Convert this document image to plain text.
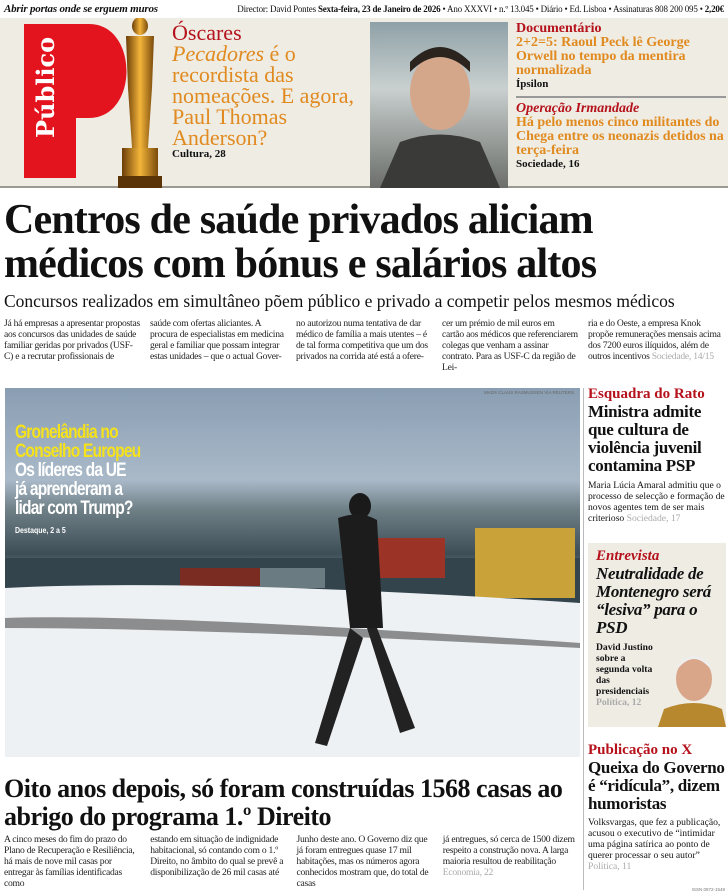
Abrir portas onde se erguem muros	Director: David Pontes Sexta-feira, 23 de Janeiro de 2026 • Ano XXXVI • n.º 13.045 • Diário • Ed. Lisboa • Assinaturas 808 200 095 • 2,20€
Público
Óscares
Pecadores é o recordista das nomeações. E agora, Paul Thomas Anderson?
Cultura, 28
Documentário
2+2=5: Raoul Peck lê George Orwell no tempo da mentira normalizada
Ípsilon
Operação Irmandade
Há pelo menos cinco militantes do Chega entre os neonazis detidos na terça-feira
Sociedade, 16
Centros de saúde privados aliciam médicos com bónus e salários altos
Concursos realizados em simultâneo põem público e privado a competir pelos mesmos médicos
Já há empresas a apresentar propostas aos concursos das unidades de saúde familiar geridas por privados (USF-C) e a recrutar profissionais de
saúde com ofertas aliciantes. A procura de especialistas em medicina geral e familiar que possam integrar estas unidades – que o actual Gover-
no autorizou numa tentativa de dar médico de família a mais utentes – é de tal forma competitiva que um dos privados na corrida até está a ofere-
cer um prémio de mil euros em cartão aos médicos que referenciarem colegas que venham a assinar contrato. Para as USF-C da região de Lei-
ria e do Oeste, a empresa Knok propõe remunerações mensais acima dos 7200 euros ilíquidos, além de outros incentivos Sociedade, 14/15
MADS CLAUS RASMUSSEN VIA REUTERS
Gronelândia no Conselho Europeu
Os líderes da UE já aprenderam a lidar com Trump?
Destaque, 2 a 5
Esquadra do Rato
Ministra admite que cultura de violência juvenil contamina PSP
Maria Lúcia Amaral admitiu que o processo de selecção e formação de novos agentes tem de ser mais criterioso Sociedade, 17
Entrevista
Neutralidade de Montenegro será “lesiva” para o PSD
David Justino sobre a segunda volta das presidenciais Política, 12
Publicação no X
Queixa do Governo é “ridícula”, dizem humoristas
Volksvargas, que fez a publicação, acusou o executivo de “intimidar uma página satírica ao ponto de querer processar o seu autor” Política, 11
Oito anos depois, só foram construídas 1568 casas ao abrigo do programa 1.º Direito
A cinco meses do fim do prazo do Plano de Recuperação e Resiliência, há mais de nove mil casas por entregar às famílias identificadas como
estando em situação de indignidade habitacional, só contando com o 1.º Direito, no âmbito do qual se prevê a disponibilização de 26 mil casas até
Junho deste ano. O Governo diz que já foram entregues quase 17 mil habitações, mas os números agora conhecidos mostram que, do total de casas
já entregues, só cerca de 1500 dizem respeito a construção nova. A larga maioria resultou de reabilitação Economia, 22
ISSN 0872-1548
